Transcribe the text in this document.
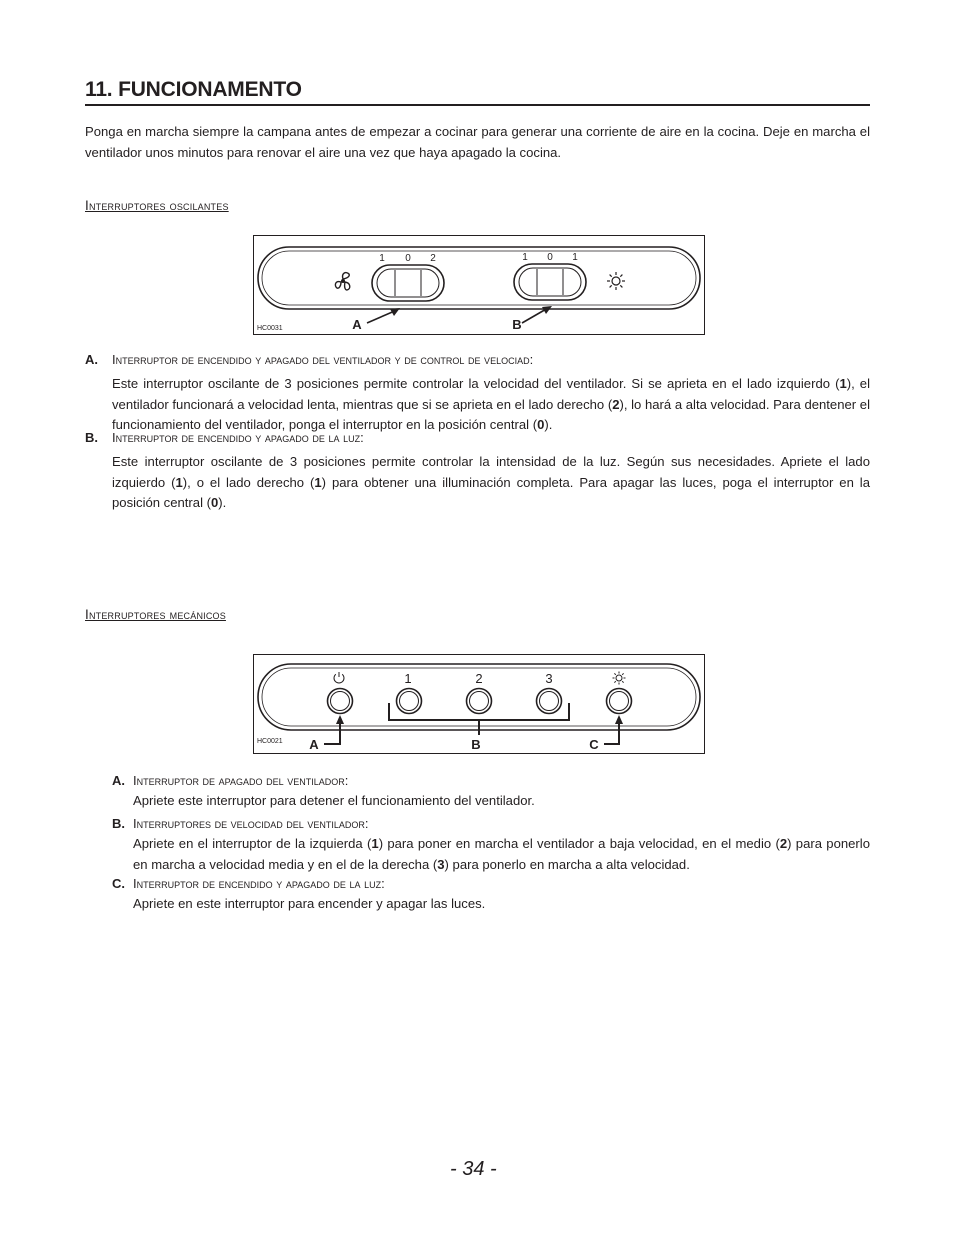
11. FUNCIONAMENTO
Ponga en marcha siempre la campana antes de empezar a cocinar para generar una corriente de aire en la cocina. Deje en marcha el ventilador unos minutos para renovar el aire una vez que haya apagado la cocina.
Interruptores oscilantes
1 0 2	1 0 1
A	B
HC0031
A. Interruptor de encendido y apagado del ventilador y de control de velociad:
Este interruptor oscilante de 3 posiciones permite controlar la velocidad del ventilador. Si se aprieta en el lado izquierdo (1), el ventilador funcionará a velocidad lenta, mientras que si se aprieta en el lado derecho (2), lo hará a alta velocidad. Para dentener el funcionamiento del ventilador, ponga el interruptor en la posición central (0).
B. Interruptor de encendido y apagado de la luz:
Este interruptor oscilante de 3 posiciones permite controlar la intensidad de la luz. Según sus necesidades. Apriete el lado izquierdo (1), o el lado derecho (1) para obtener una illuminación completa. Para apagar las luces, poga el interruptor en la posición central (0).
Interruptores mecánicos
1	2	3
A	B	C
HC0021
A. Interruptor de apagado del ventilador:
Apriete este interruptor para detener el funcionamiento del ventilador.
B. Interruptores de velocidad del ventilador:
Apriete en el interruptor de la izquierda (1) para poner en marcha el ventilador a baja velocidad, en el medio (2) para ponerlo en marcha a velocidad media y en el de la derecha (3) para ponerlo en marcha a alta velocidad.
C. Interruptor de encendido y apagado de la luz:
Apriete en este interruptor para encender y apagar las luces.
- 34 -
